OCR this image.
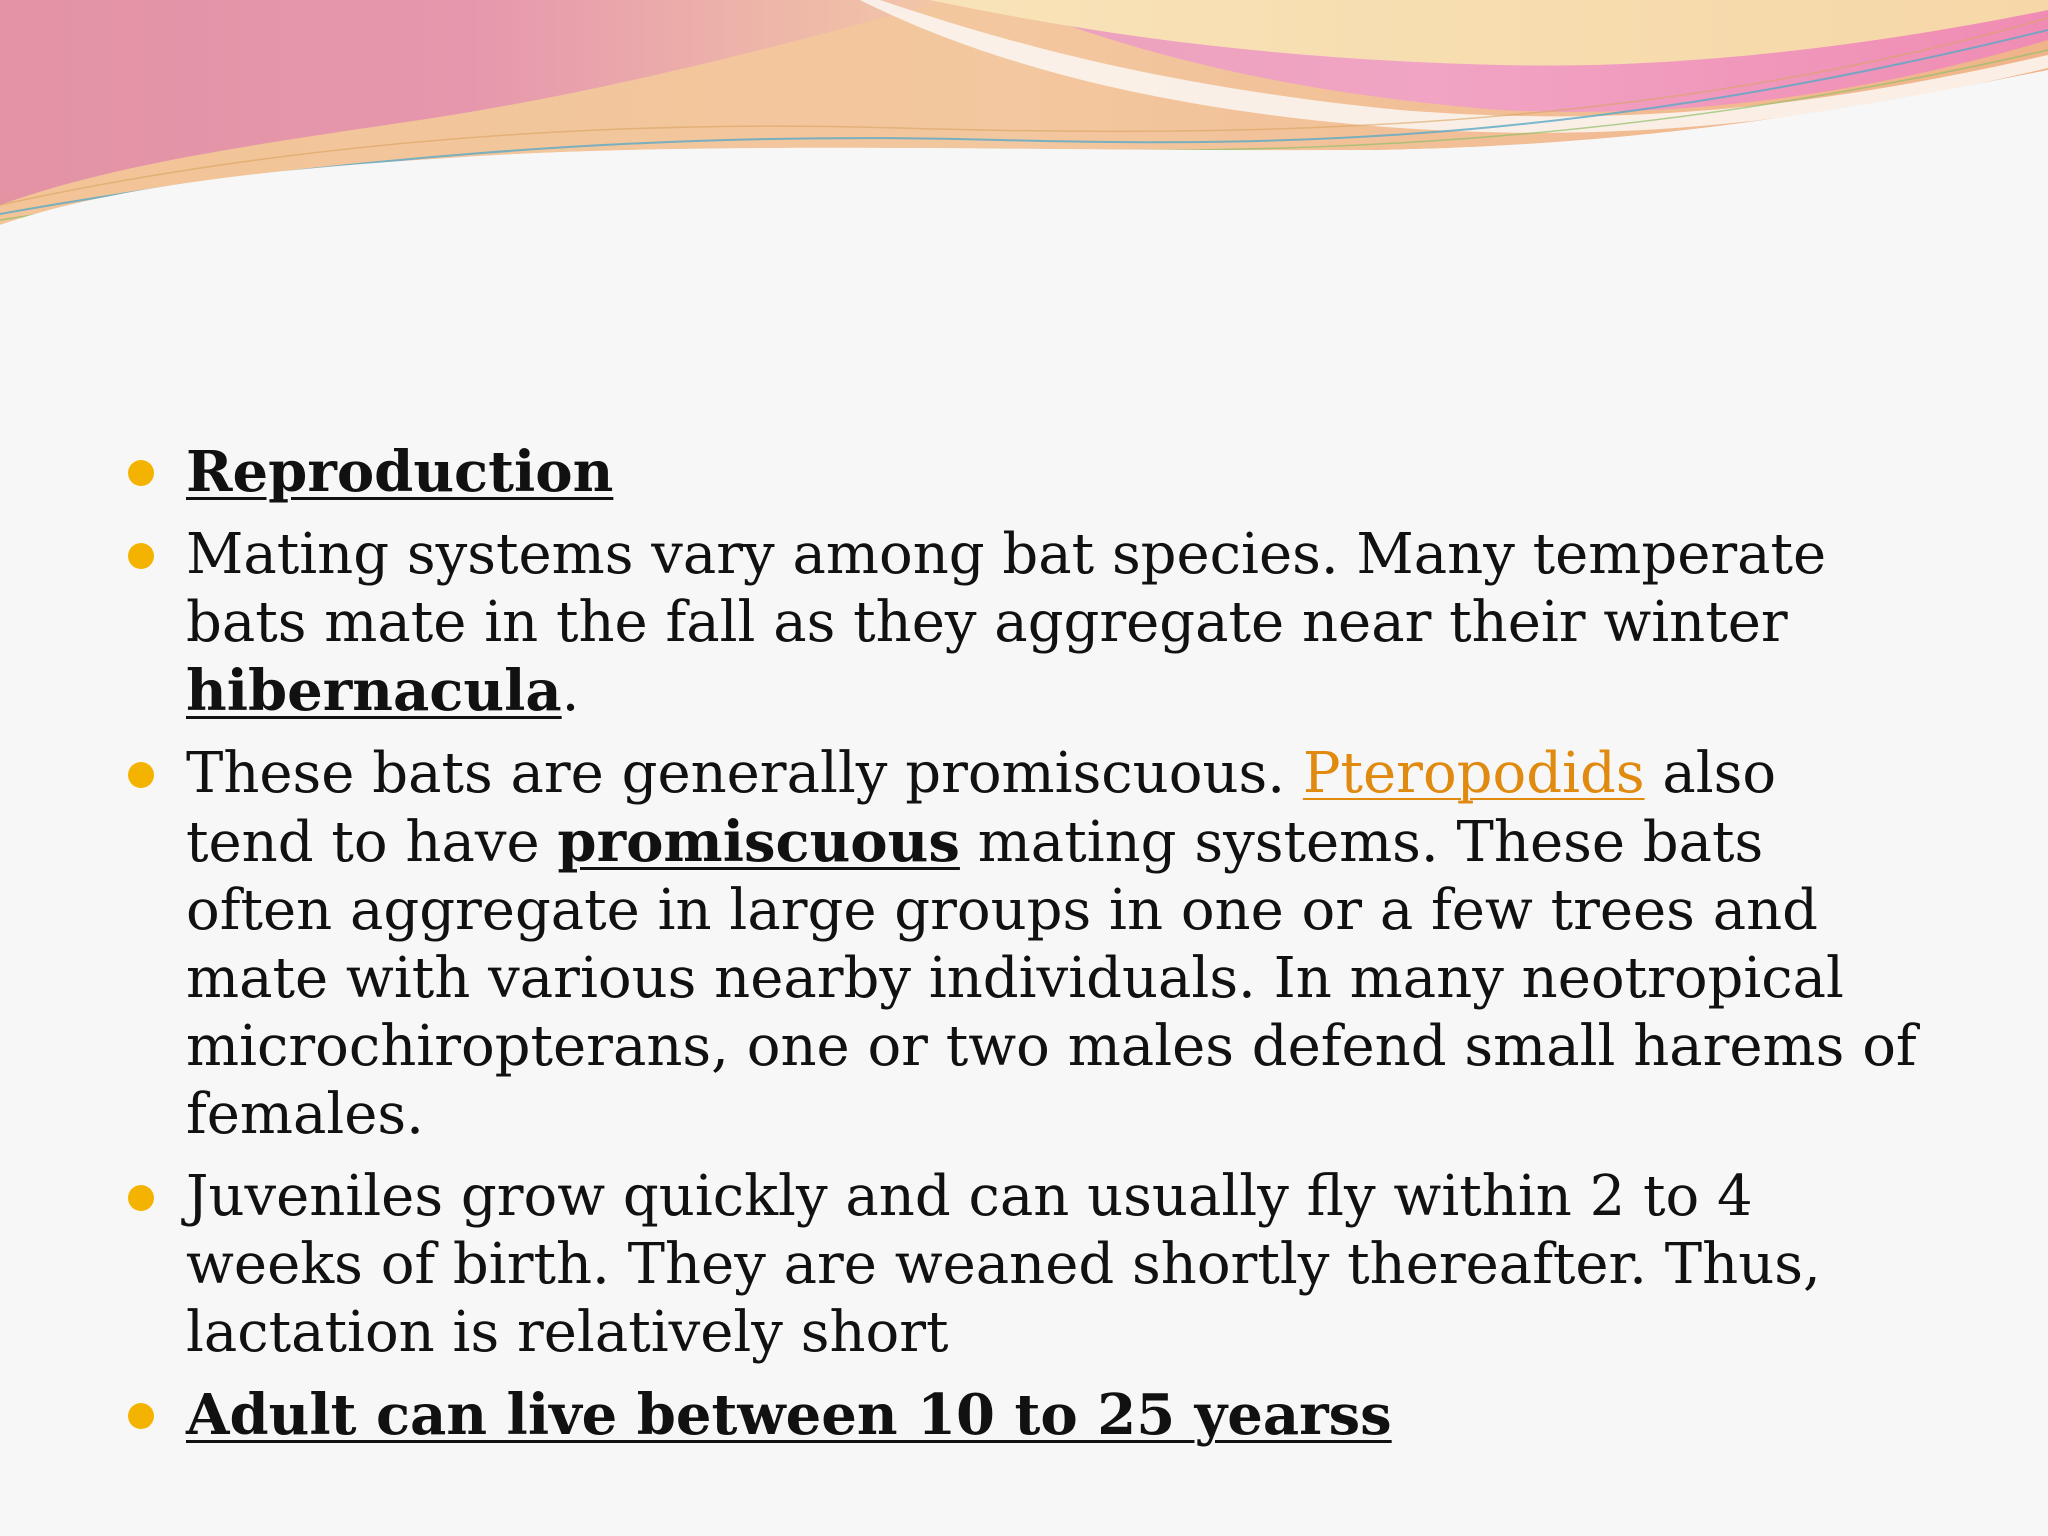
Reproduction
Mating systems vary among bat species. Many temperate bats mate in the fall as they aggregate near their winter hibernacula.
These bats are generally promiscuous. Pteropodids also tend to have promiscuous mating systems. These bats often aggregate in large groups in one or a few trees and mate with various nearby individuals. In many neotropical microchiropterans, one or two males defend small harems of females.
Juveniles grow quickly and can usually fly within 2 to 4 weeks of birth. They are weaned shortly thereafter. Thus, lactation is relatively short
Adult can live between 10 to 25 yearss
